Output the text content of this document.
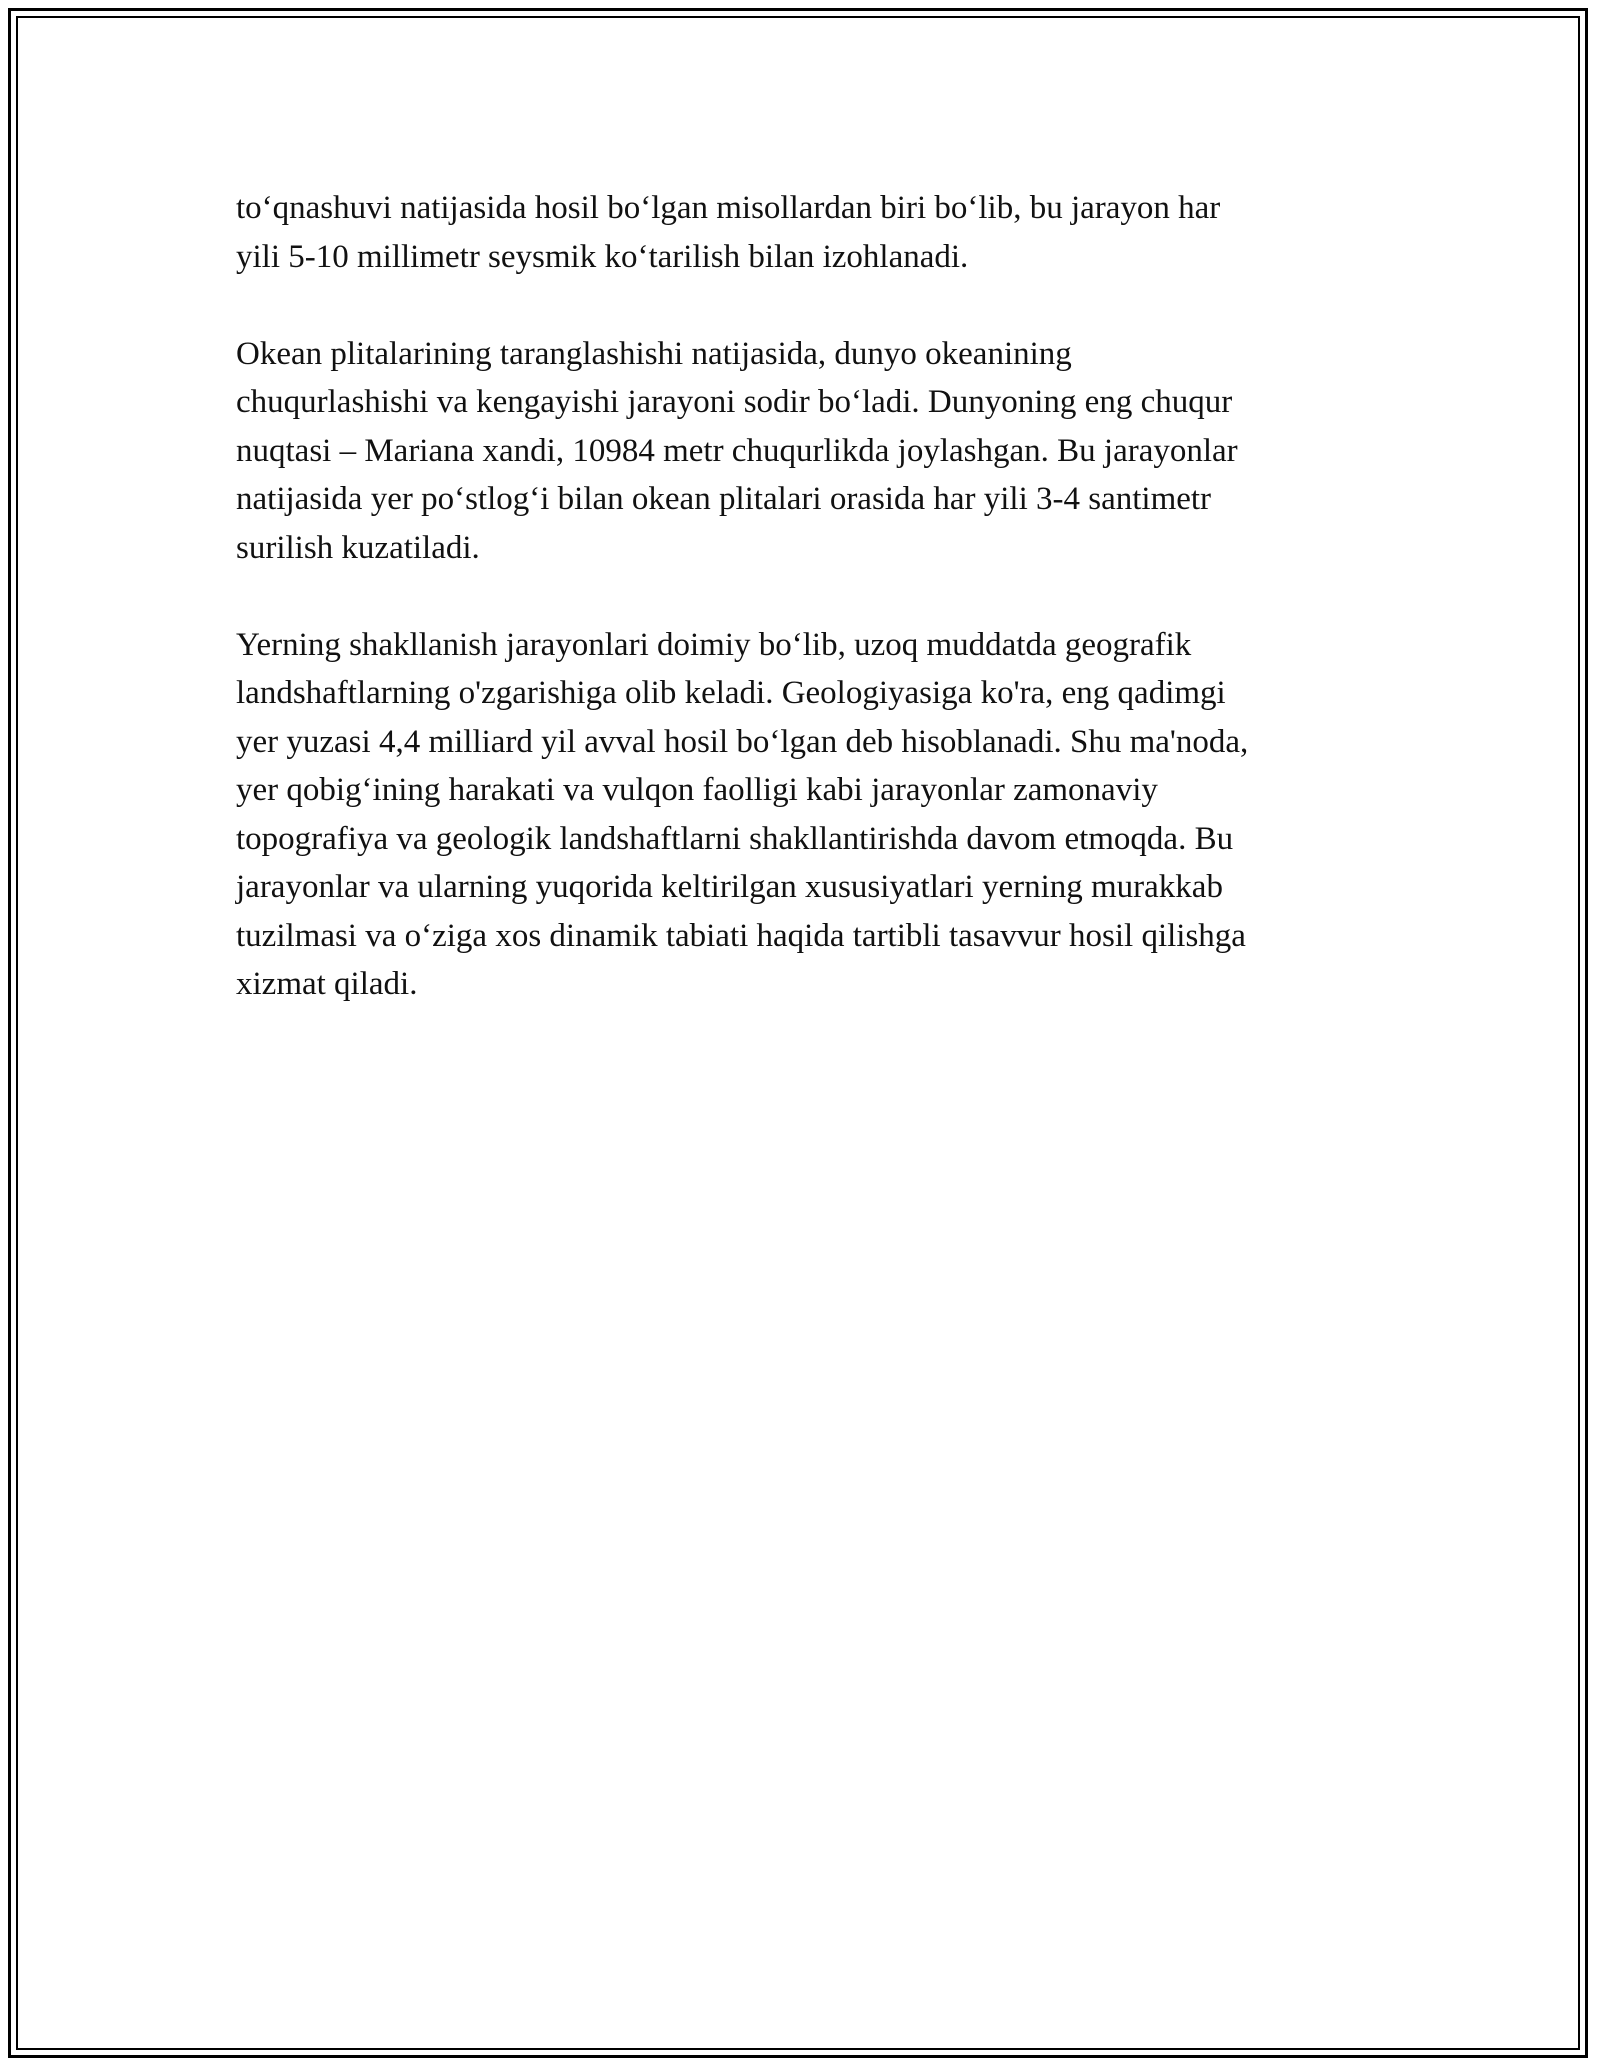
to‘qnashuvi natijasida hosil bo‘lgan misollardan biri bo‘lib, bu jarayon har
yili 5-10 millimetr seysmik ko‘tarilish bilan izohlanadi.

Okean plitalarining taranglashishi natijasida, dunyo okeanining
chuqurlashishi va kengayishi jarayoni sodir bo‘ladi. Dunyoning eng chuqur
nuqtasi – Mariana xandi, 10984 metr chuqurlikda joylashgan. Bu jarayonlar
natijasida yer po‘stlog‘i bilan okean plitalari orasida har yili 3-4 santimetr
surilish kuzatiladi.

Yerning shakllanish jarayonlari doimiy bo‘lib, uzoq muddatda geografik
landshaftlarning o'zgarishiga olib keladi. Geologiyasiga ko'ra, eng qadimgi
yer yuzasi 4,4 milliard yil avval hosil bo‘lgan deb hisoblanadi. Shu ma'noda,
yer qobig‘ining harakati va vulqon faolligi kabi jarayonlar zamonaviy
topografiya va geologik landshaftlarni shakllantirishda davom etmoqda. Bu
jarayonlar va ularning yuqorida keltirilgan xususiyatlari yerning murakkab
tuzilmasi va o‘ziga xos dinamik tabiati haqida tartibli tasavvur hosil qilishga
xizmat qiladi.
